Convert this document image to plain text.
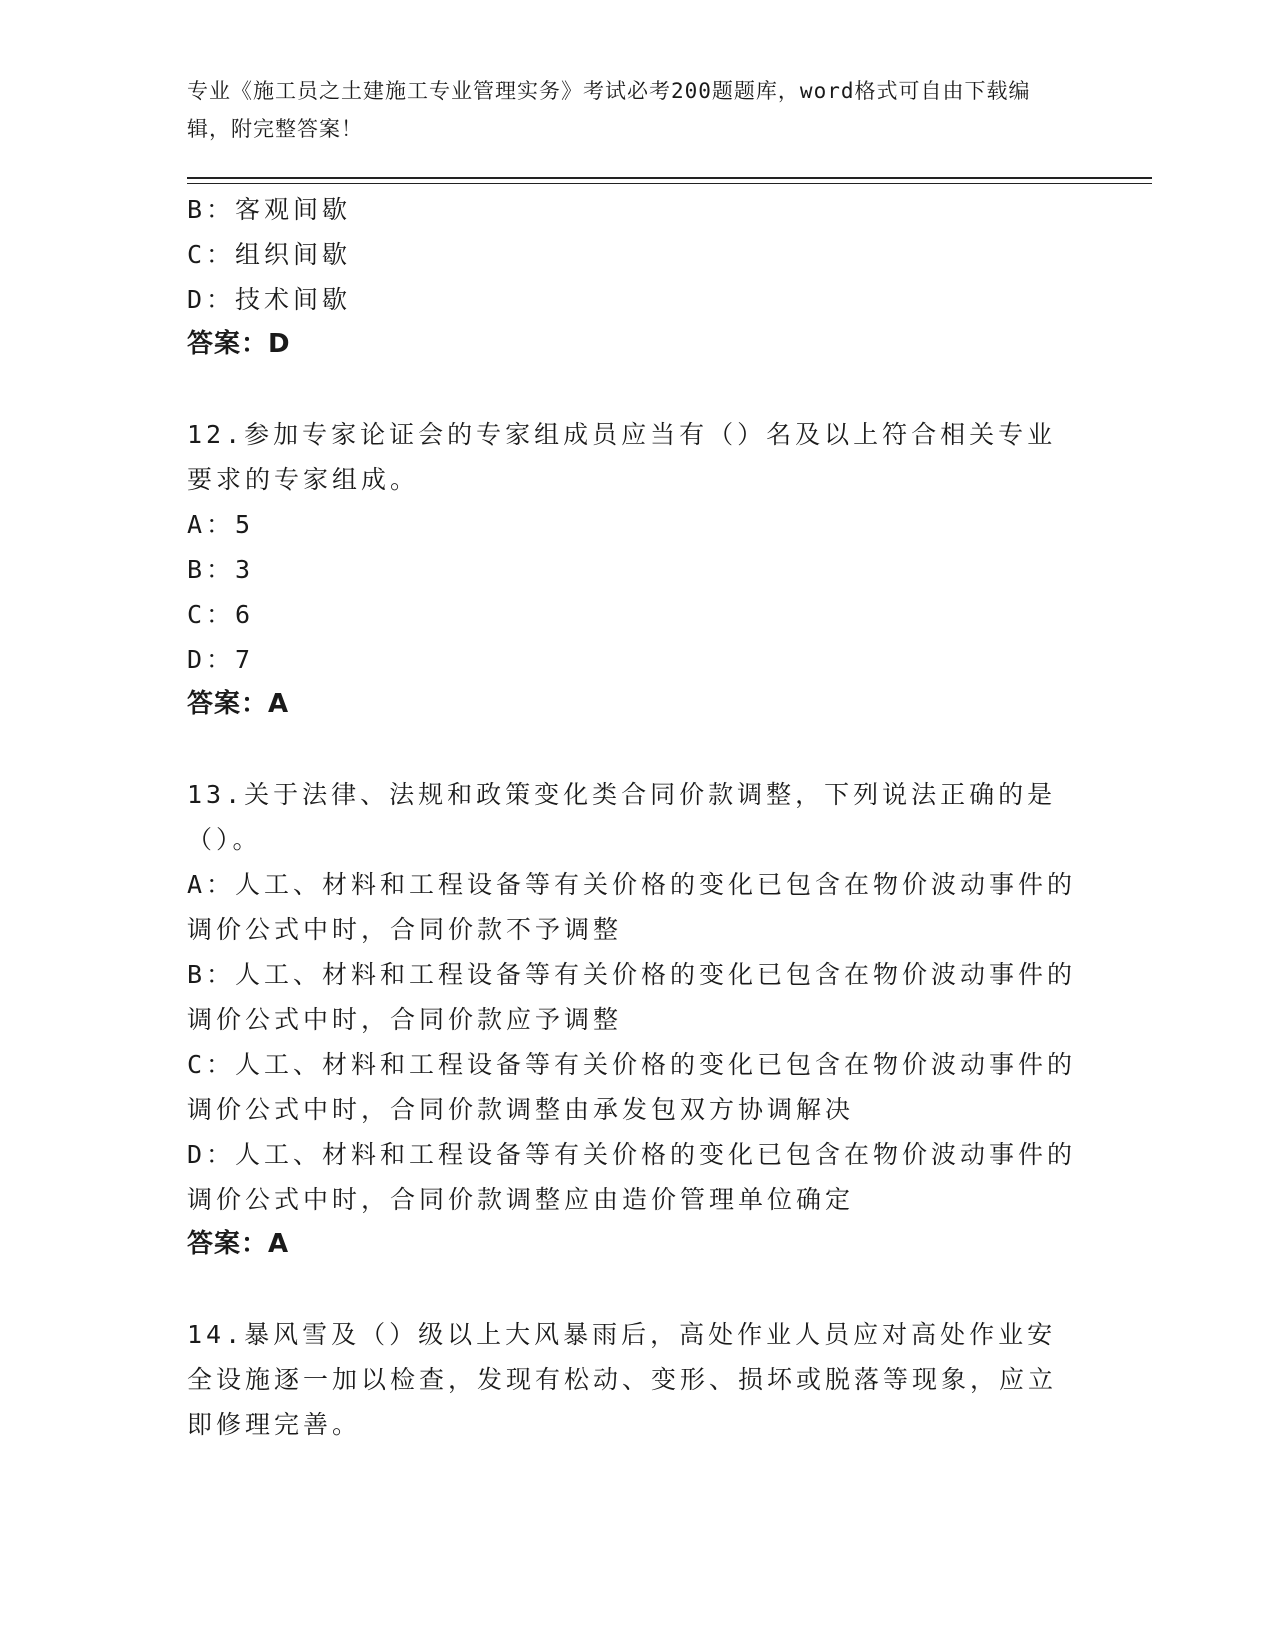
专业《施工员之土建施工专业管理实务》考试必考200题题库，word格式可自由下载编辑，附完整答案！
B：客观间歇
C：组织间歇
D：技术间歇
答案：D
12.参加专家论证会的专家组成员应当有（）名及以上符合相关专业要求的专家组成。
A：5
B：3
C：6
D：7
答案：A
13.关于法律、法规和政策变化类合同价款调整，下列说法正确的是（）。
A：人工、材料和工程设备等有关价格的变化已包含在物价波动事件的调价公式中时，合同价款不予调整
B：人工、材料和工程设备等有关价格的变化已包含在物价波动事件的调价公式中时，合同价款应予调整
C：人工、材料和工程设备等有关价格的变化已包含在物价波动事件的调价公式中时，合同价款调整由承发包双方协调解决
D：人工、材料和工程设备等有关价格的变化已包含在物价波动事件的调价公式中时，合同价款调整应由造价管理单位确定
答案：A
14.暴风雪及（）级以上大风暴雨后，高处作业人员应对高处作业安全设施逐一加以检查，发现有松动、变形、损坏或脱落等现象，应立即修理完善。
